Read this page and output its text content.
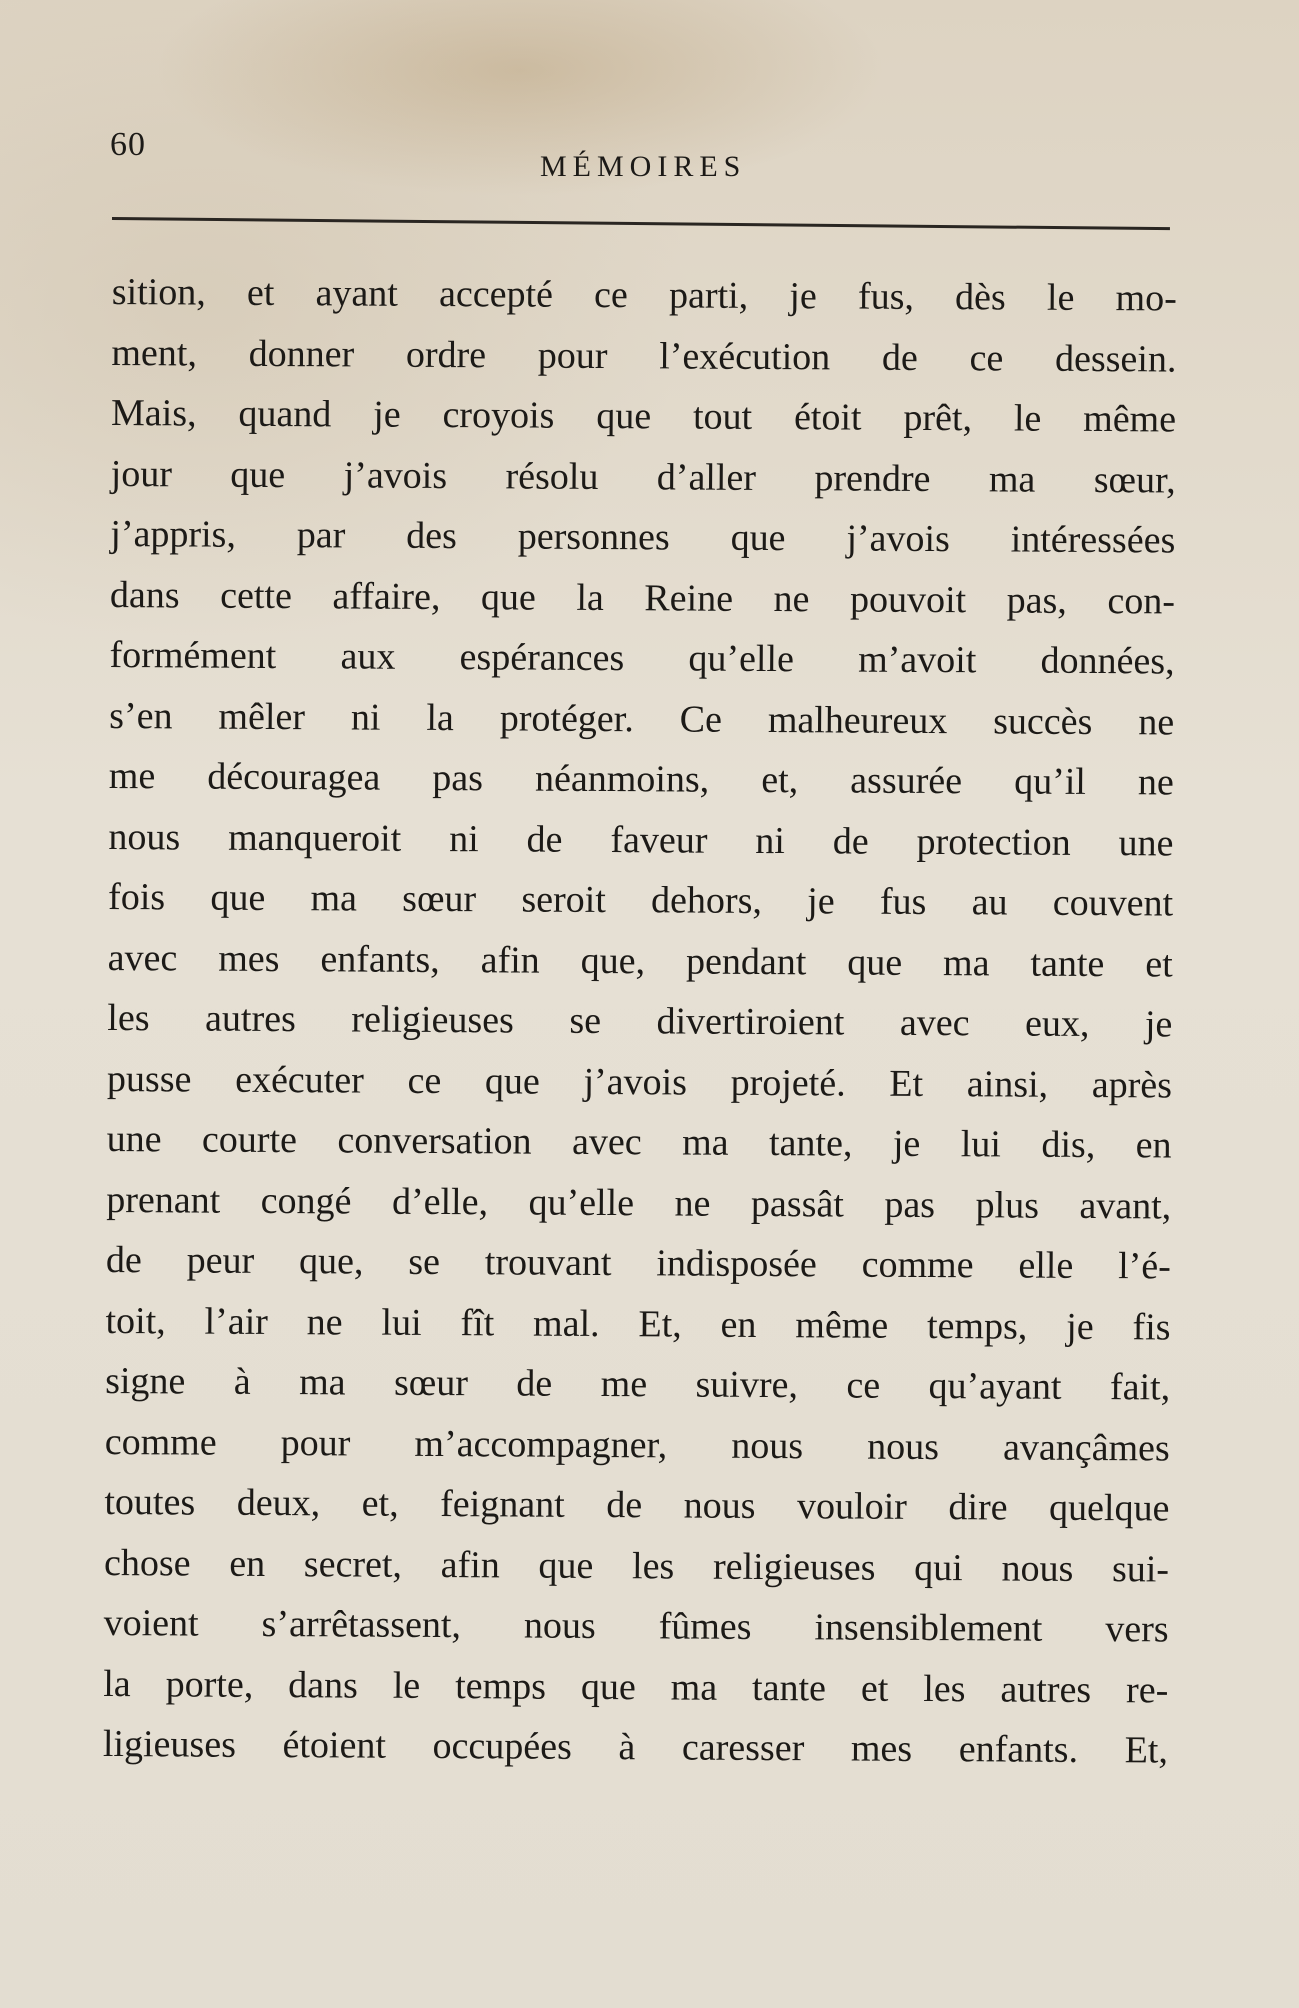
60
MÉMOIRES
sition, et ayant accepté ce parti, je fus, dès le mo-
ment, donner ordre pour l’exécution de ce dessein.
Mais, quand je croyois que tout étoit prêt, le même
jour que j’avois résolu d’aller prendre ma sœur,
j’appris, par des personnes que j’avois intéressées
dans cette affaire, que la Reine ne pouvoit pas, con-
formément aux espérances qu’elle m’avoit données,
s’en mêler ni la protéger. Ce malheureux succès ne
me découragea pas néanmoins, et, assurée qu’il ne
nous manqueroit ni de faveur ni de protection une
fois que ma sœur seroit dehors, je fus au couvent
avec mes enfants, afin que, pendant que ma tante et
les autres religieuses se divertiroient avec eux, je
pusse exécuter ce que j’avois projeté. Et ainsi, après
une courte conversation avec ma tante, je lui dis, en
prenant congé d’elle, qu’elle ne passât pas plus avant,
de peur que, se trouvant indisposée comme elle l’é-
toit, l’air ne lui fît mal. Et, en même temps, je fis
signe à ma sœur de me suivre, ce qu’ayant fait,
comme pour m’accompagner, nous nous avançâmes
toutes deux, et, feignant de nous vouloir dire quelque
chose en secret, afin que les religieuses qui nous sui-
voient s’arrêtassent, nous fûmes insensiblement vers
la porte, dans le temps que ma tante et les autres re-
ligieuses étoient occupées à caresser mes enfants. Et,
